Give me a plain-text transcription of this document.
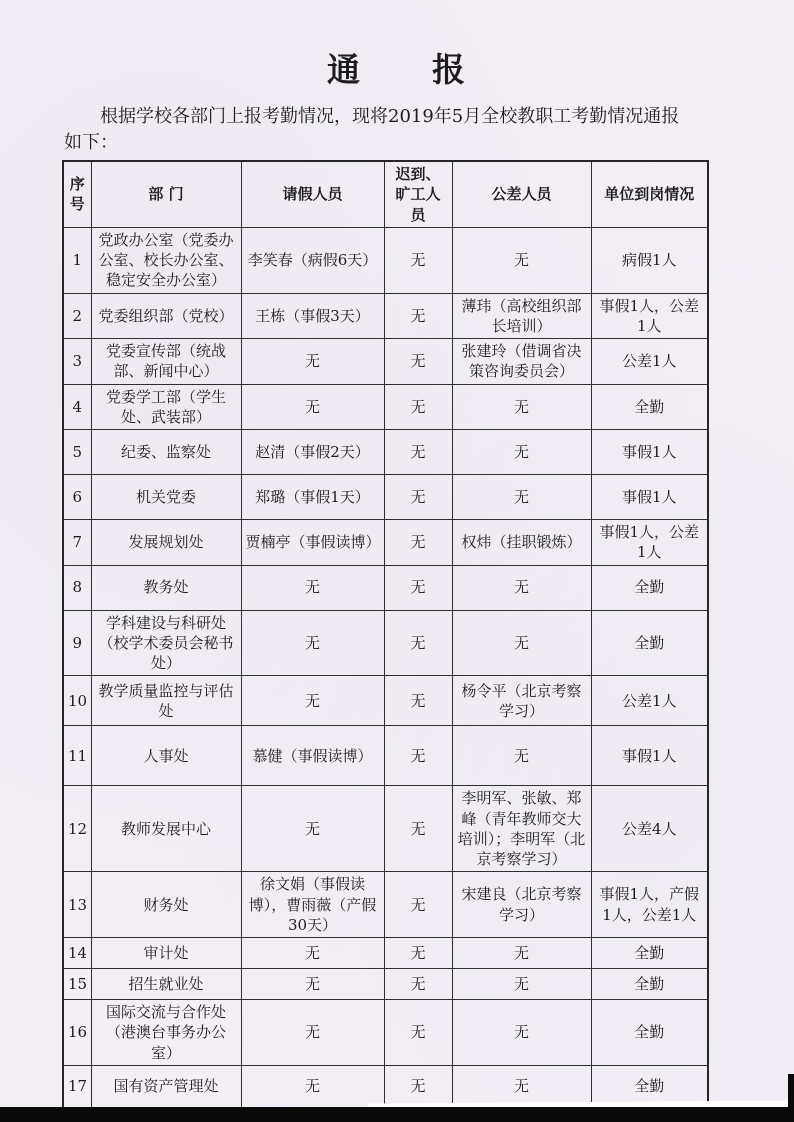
通　　报
根据学校各部门上报考勤情况，现将2019年5月全校教职工考勤情况通报
如下：
序号	部 门	请假人员	迟到、旷工人员	公差人员	单位到岗情况
1	党政办公室（党委办公室、校长办公室、稳定安全办公室）	李笑春（病假6天）	无	无	病假1人
2	党委组织部（党校）	王栋（事假3天）	无	薄玮（高校组织部长培训）	事假1人，公差1人
3	党委宣传部（统战部、新闻中心）	无	无	张建玲（借调省决策咨询委员会）	公差1人
4	党委学工部（学生处、武装部）	无	无	无	全勤
5	纪委、监察处	赵清（事假2天）	无	无	事假1人
6	机关党委	郑璐（事假1天）	无	无	事假1人
7	发展规划处	贾楠亭（事假读博）	无	权炜（挂职锻炼）	事假1人，公差1人
8	教务处	无	无	无	全勤
9	学科建设与科研处（校学术委员会秘书处）	无	无	无	全勤
10	教学质量监控与评估处	无	无	杨令平（北京考察学习）	公差1人
11	人事处	慕健（事假读博）	无	无	事假1人
12	教师发展中心	无	无	李明军、张敏、郑峰（青年教师交大培训）；李明军（北京考察学习）	公差4人
13	财务处	徐文娟（事假读博），曹雨薇（产假30天）	无	宋建良（北京考察学习）	事假1人，产假1人，公差1人
14	审计处	无	无	无	全勤
15	招生就业处	无	无	无	全勤
16	国际交流与合作处（港澳台事务办公室）	无	无	无	全勤
17	国有资产管理处	无	无	无	全勤
